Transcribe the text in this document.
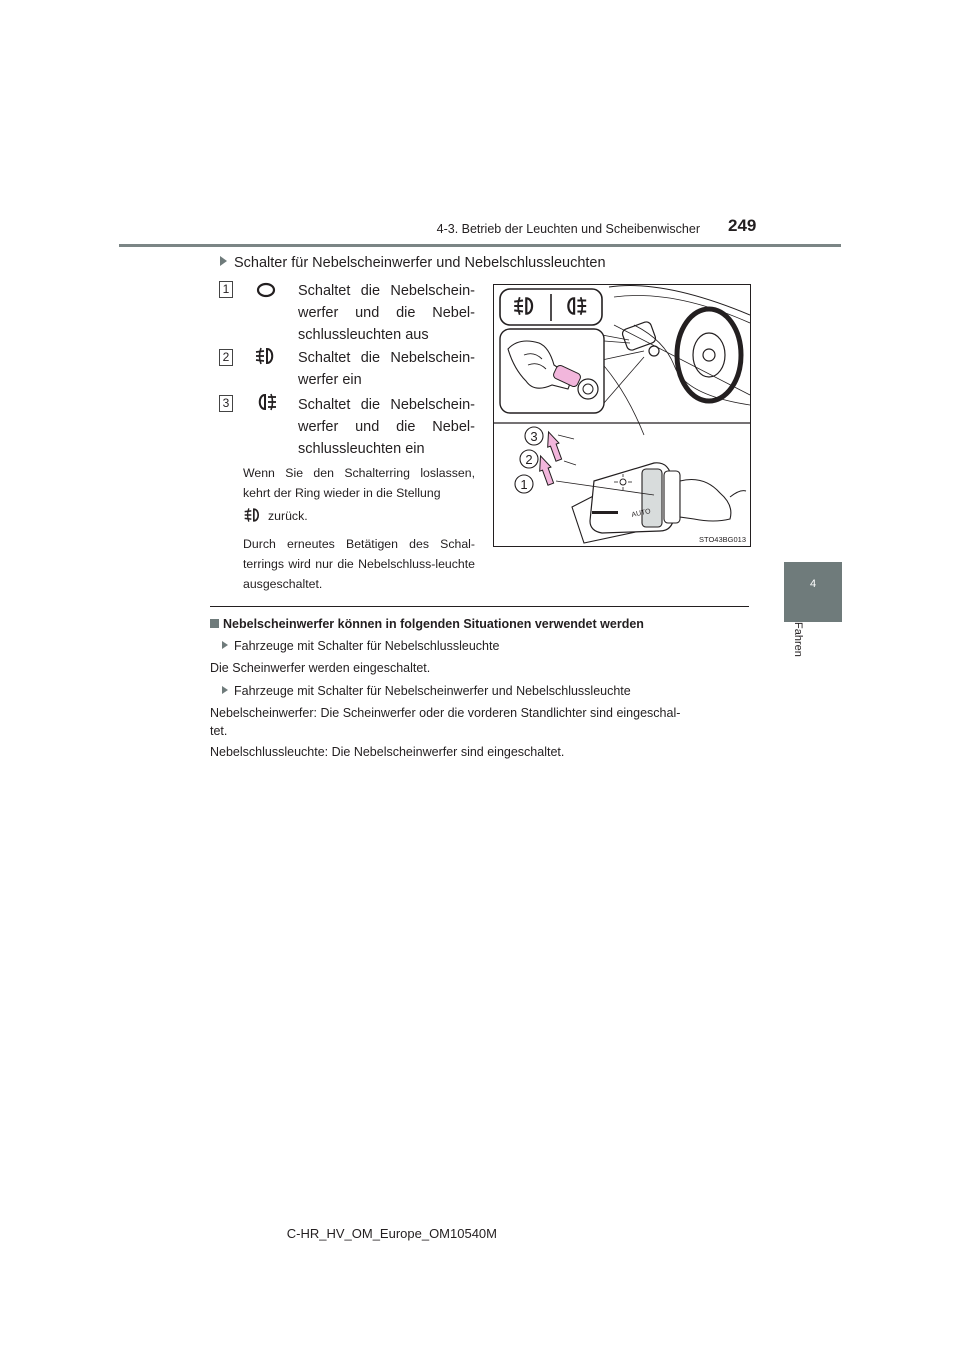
4-3. Betrieb der Leuchten und Scheibenwischer 249
4
Fahren
Schalter für Nebelscheinwerfer und Nebelschlussleuchten
1	Schaltet die Nebelschein-werfer und die Nebel-schlussleuchten aus
2	Schaltet die Nebelschein-werfer ein
3	Schaltet die Nebelschein-werfer und die Nebel-schlussleuchten ein
Wenn Sie den Schalterring loslassen, kehrt der Ring wieder in die Stellung
zurück.
Durch erneutes Betätigen des Schal-terrings wird nur die Nebelschluss-leuchte ausgeschaltet.
AUTO
3
2
1
STO43BG013
Nebelscheinwerfer können in folgenden Situationen verwendet werden
Fahrzeuge mit Schalter für Nebelschlussleuchte
Die Scheinwerfer werden eingeschaltet.
Fahrzeuge mit Schalter für Nebelscheinwerfer und Nebelschlussleuchte
Nebelscheinwerfer: Die Scheinwerfer oder die vorderen Standlichter sind eingeschal-
tet.
Nebelschlussleuchte: Die Nebelscheinwerfer sind eingeschaltet.
C-HR_HV_OM_Europe_OM10540M
